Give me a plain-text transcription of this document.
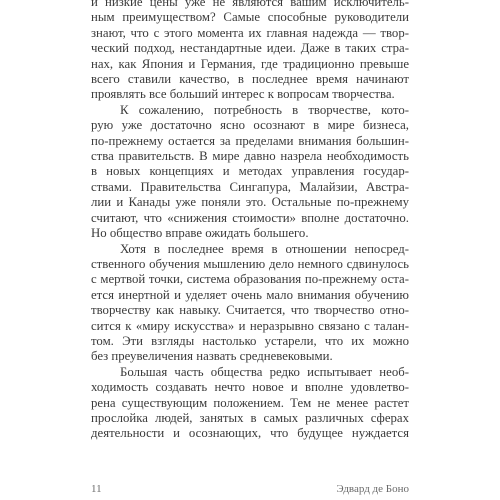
и низкие цены уже не являются вашим исключитель-
ным преимуществом? Самые способные руководители
знают, что с этого момента их главная надежда — твор-
ческий подход, нестандартные идеи. Даже в таких стра-
нах, как Япония и Германия, где традиционно превыше
всего ставили качество, в последнее время начинают
проявлять все больший интерес к вопросам творчества.

К сожалению, потребность в творчестве, кото-
рую уже достаточно ясно осознают в мире бизнеса,
по-прежнему остается за пределами внимания большин-
ства правительств. В мире давно назрела необходимость
в новых концепциях и методах управления государ-
ствами. Правительства Сингапура, Малайзии, Австра-
лии и Канады уже поняли это. Остальные по-прежнему
считают, что «снижения стоимости» вполне достаточно.
Но общество вправе ожидать большего.

Хотя в последнее время в отношении непосред-
ственного обучения мышлению дело немного сдвинулось
с мертвой точки, система образования по-прежнему оста-
ется инертной и уделяет очень мало внимания обучению
творчеству как навыку. Считается, что творчество отно-
сится к «миру искусства» и неразрывно связано с талан-
том. Эти взгляды настолько устарели, что их можно
без преувеличения назвать средневековыми.

Большая часть общества редко испытывает необ-
ходимость создавать нечто новое и вполне удовлетво-
рена существующим положением. Тем не менее растет
прослойка людей, занятых в самых различных сферах
деятельности и осознающих, что будущее нуждается

11	Эдвард де Боно
